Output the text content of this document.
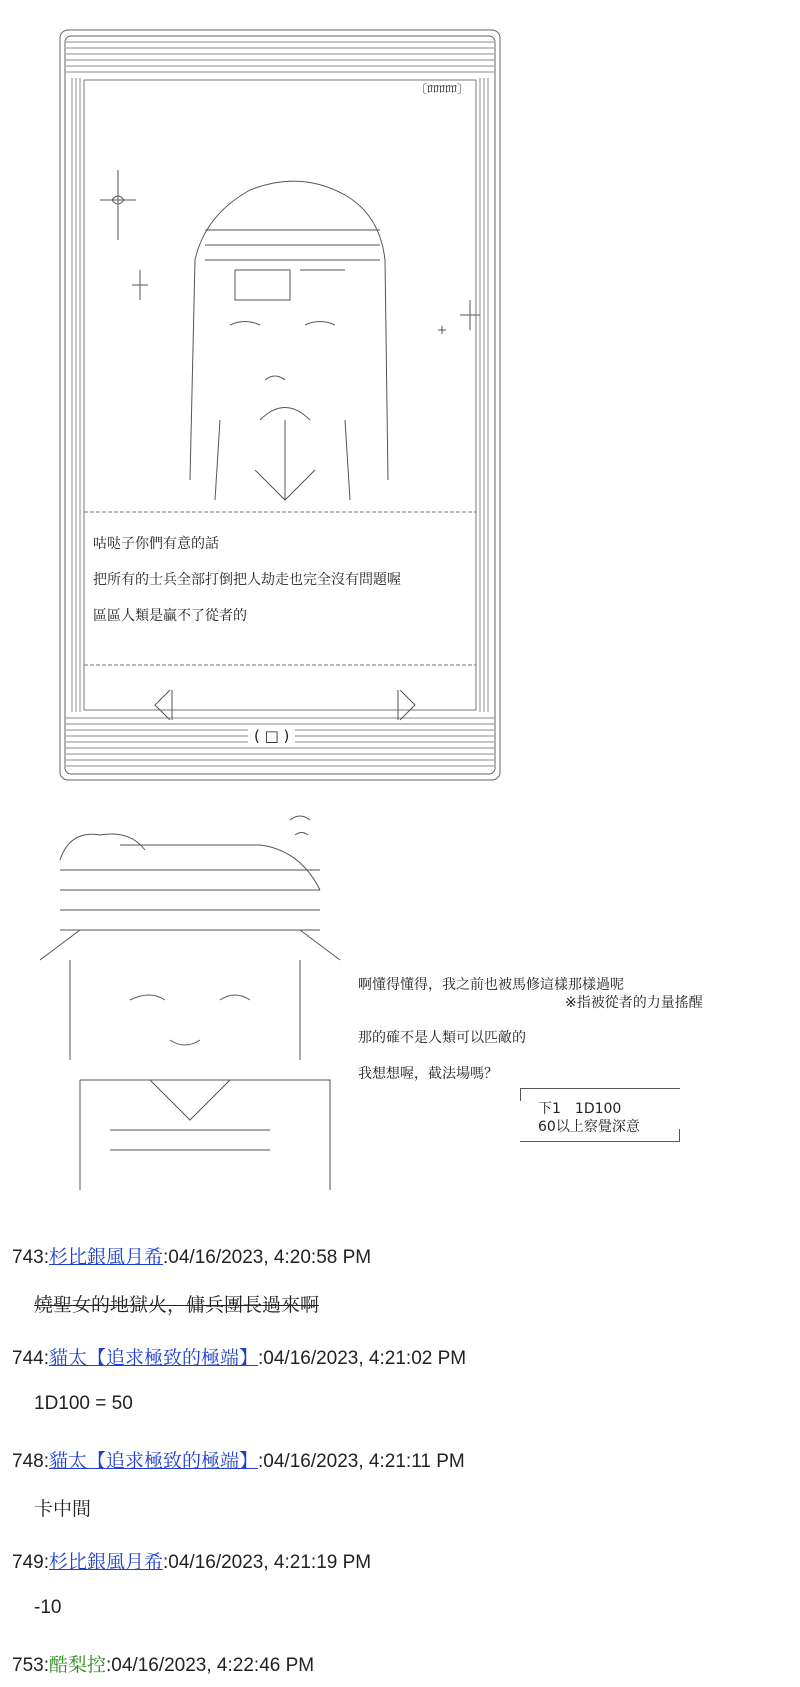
〔ﾛﾛﾛﾛﾛ〕
咕哒子你們有意的話
把所有的士兵全部打倒把人劫走也完全沒有問題喔
區區人類是贏不了從者的
( □ )
啊懂得懂得，我之前也被馬修這樣那樣過呢
※指被從者的力量搖醒
那的確不是人類可以匹敵的
我想想喔，截法場嗎？
下1　1D100
60以上察覺深意
743:杉比銀風月希:04/16/2023, 4:20:58 PM
燒聖女的地獄火，傭兵團長過來啊
744:貓太【追求極致的極端】:04/16/2023, 4:21:02 PM
1D100 = 50
748:貓太【追求極致的極端】:04/16/2023, 4:21:11 PM
卡中間
749:杉比銀風月希:04/16/2023, 4:21:19 PM
-10
753:酷梨控:04/16/2023, 4:22:46 PM
